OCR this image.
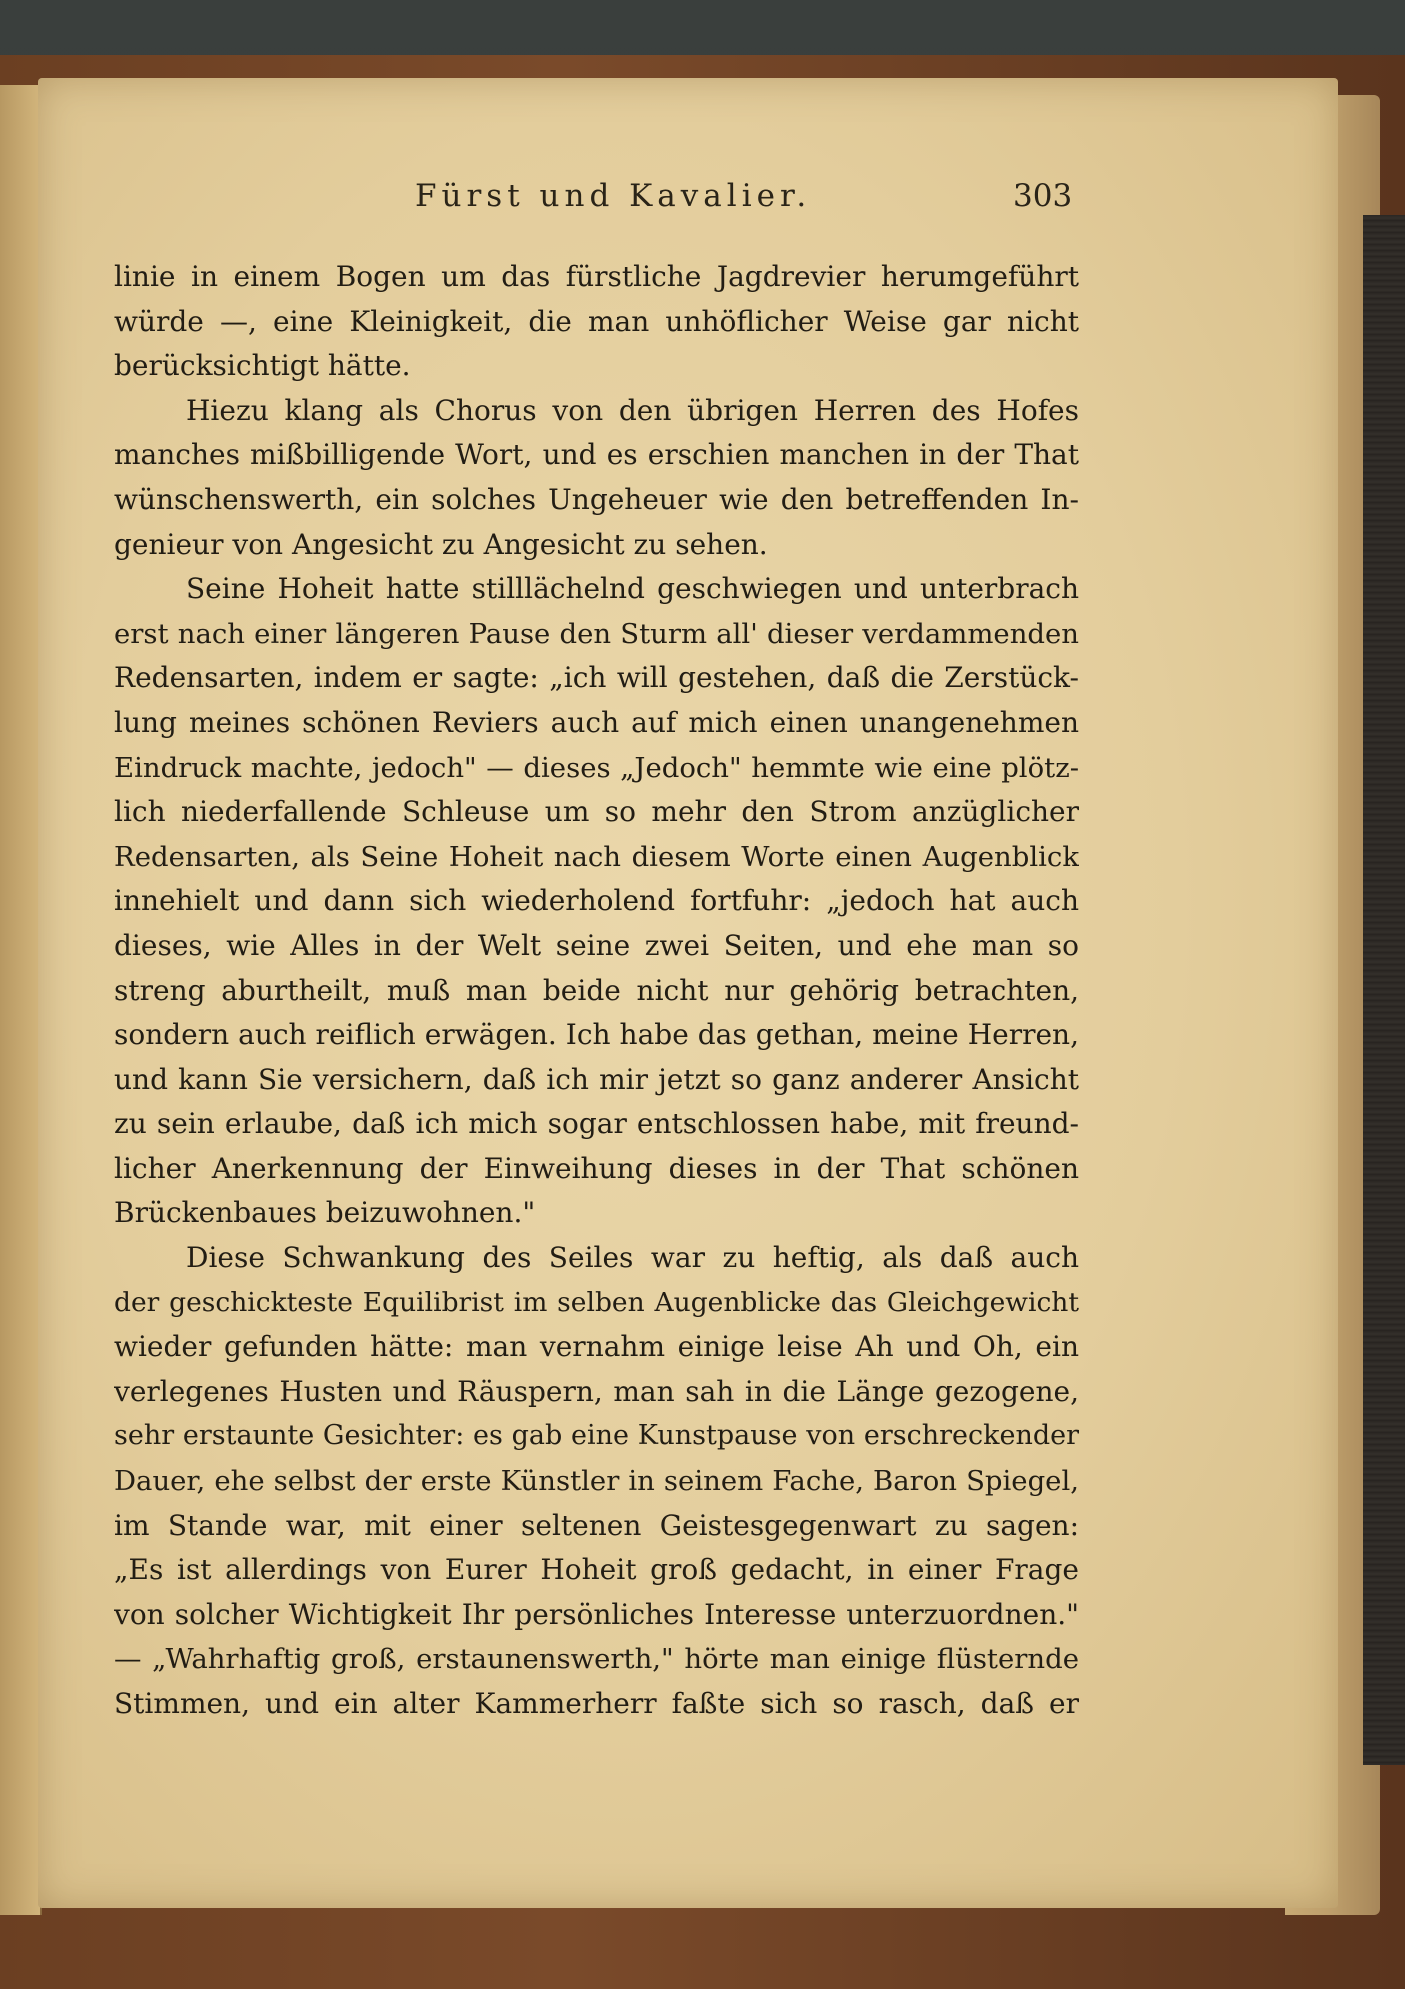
Fürst und Kavalier.	303
linie in einem Bogen um das fürstliche Jagdrevier herumgeführt
würde —, eine Kleinigkeit, die man unhöflicher Weise gar nicht
berücksichtigt hätte.
Hiezu klang als Chorus von den übrigen Herren des Hofes
manches mißbilligende Wort, und es erschien manchen in der That
wünschenswerth, ein solches Ungeheuer wie den betreffenden In-
genieur von Angesicht zu Angesicht zu sehen.
Seine Hoheit hatte stilllächelnd geschwiegen und unterbrach
erst nach einer längeren Pause den Sturm all' dieser verdammenden
Redensarten, indem er sagte: „ich will gestehen, daß die Zerstück-
lung meines schönen Reviers auch auf mich einen unangenehmen
Eindruck machte, jedoch" — dieses „Jedoch" hemmte wie eine plötz-
lich niederfallende Schleuse um so mehr den Strom anzüglicher
Redensarten, als Seine Hoheit nach diesem Worte einen Augenblick
innehielt und dann sich wiederholend fortfuhr: „jedoch hat auch
dieses, wie Alles in der Welt seine zwei Seiten, und ehe man so
streng aburtheilt, muß man beide nicht nur gehörig betrachten,
sondern auch reiflich erwägen. Ich habe das gethan, meine Herren,
und kann Sie versichern, daß ich mir jetzt so ganz anderer Ansicht
zu sein erlaube, daß ich mich sogar entschlossen habe, mit freund-
licher Anerkennung der Einweihung dieses in der That schönen
Brückenbaues beizuwohnen."
Diese Schwankung des Seiles war zu heftig, als daß auch
der geschickteste Equilibrist im selben Augenblicke das Gleichgewicht
wieder gefunden hätte: man vernahm einige leise Ah und Oh, ein
verlegenes Husten und Räuspern, man sah in die Länge gezogene,
sehr erstaunte Gesichter: es gab eine Kunstpause von erschreckender
Dauer, ehe selbst der erste Künstler in seinem Fache, Baron Spiegel,
im Stande war, mit einer seltenen Geistesgegenwart zu sagen:
„Es ist allerdings von Eurer Hoheit groß gedacht, in einer Frage
von solcher Wichtigkeit Ihr persönliches Interesse unterzuordnen."
— „Wahrhaftig groß, erstaunenswerth," hörte man einige flüsternde
Stimmen, und ein alter Kammerherr faßte sich so rasch, daß er
